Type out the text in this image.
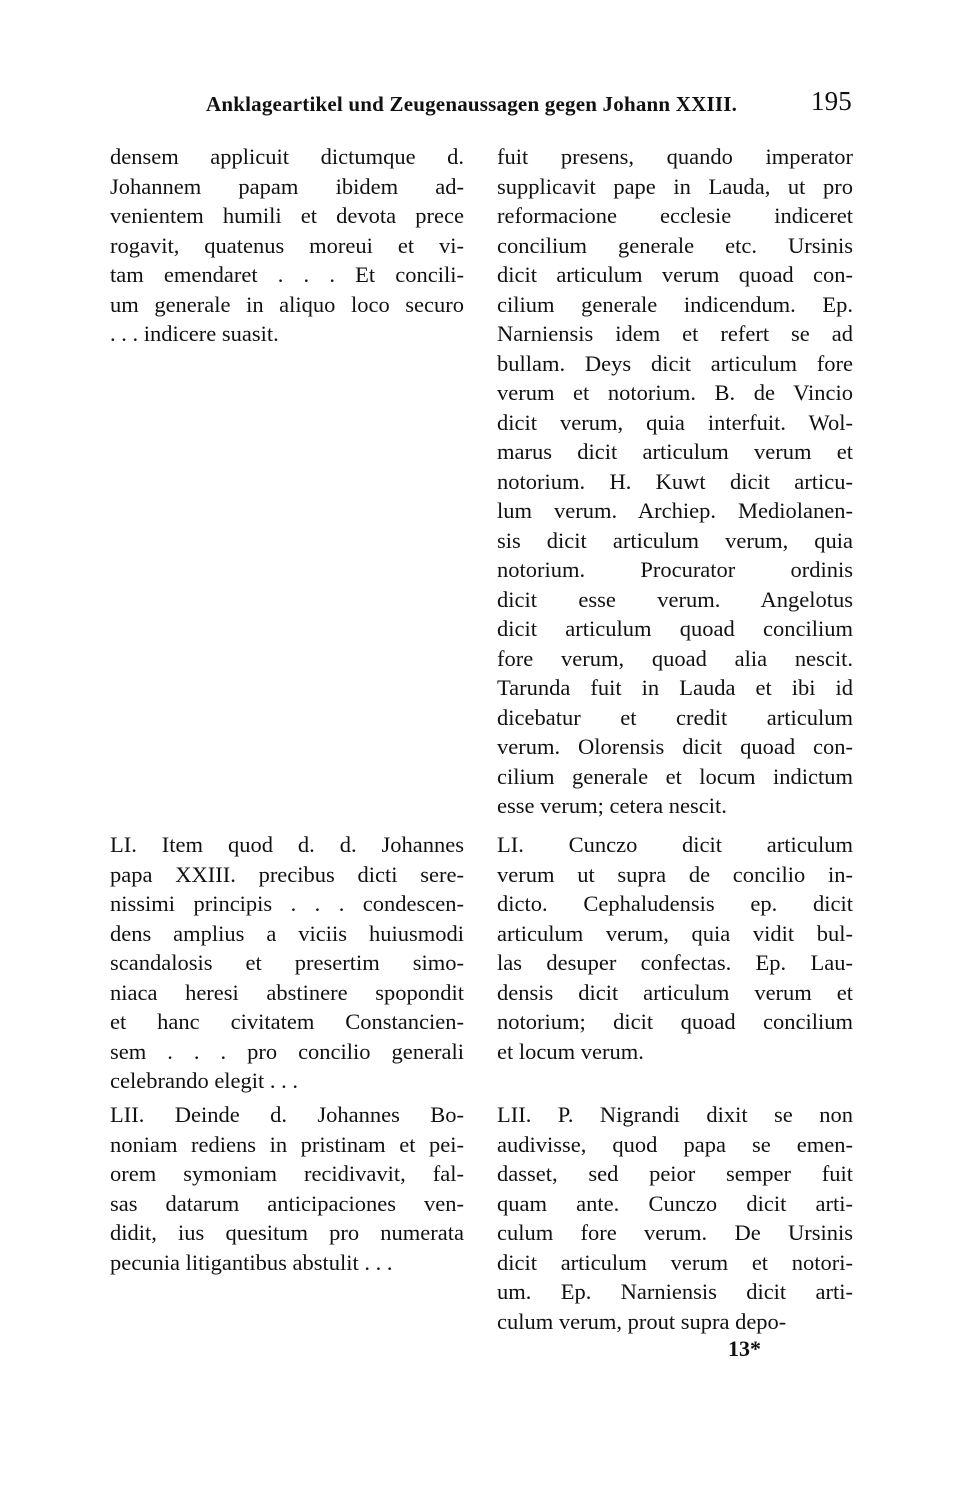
Anklageartikel und Zeugenaussagen gegen Johann XXIII.	195
densem applicuit dictumque d.
Johannem papam ibidem ad-
venientem humili et devota prece
rogavit, quatenus moreui et vi-
tam emendaret . . . Et concili-
um generale in aliquo loco securo
. . . indicere suasit.
LI. Item quod d. d. Johannes
papa XXIII. precibus dicti sere-
nissimi principis . . . condescen-
dens amplius a viciis huiusmodi
scandalosis et presertim simo-
niaca heresi abstinere spopondit
et hanc civitatem Constancien-
sem . . . pro concilio generali
celebrando elegit . . .
LII. Deinde d. Johannes Bo-
noniam rediens in pristinam et pei-
orem symoniam recidivavit, fal-
sas datarum anticipaciones ven-
didit, ius quesitum pro numerata
pecunia litigantibus abstulit . . .
fuit presens, quando imperator
supplicavit pape in Lauda, ut pro
reformacione ecclesie indiceret
concilium generale etc. Ursinis
dicit articulum verum quoad con-
cilium generale indicendum. Ep.
Narniensis idem et refert se ad
bullam. Deys dicit articulum fore
verum et notorium. B. de Vincio
dicit verum, quia interfuit. Wol-
marus dicit articulum verum et
notorium. H. Kuwt dicit articu-
lum verum. Archiep. Mediolanen-
sis dicit articulum verum, quia
notorium. Procurator ordinis
dicit esse verum. Angelotus
dicit articulum quoad concilium
fore verum, quoad alia nescit.
Tarunda fuit in Lauda et ibi id
dicebatur et credit articulum
verum. Olorensis dicit quoad con-
cilium generale et locum indictum
esse verum; cetera nescit.
LI. Cunczo dicit articulum
verum ut supra de concilio in-
dicto. Cephaludensis ep. dicit
articulum verum, quia vidit bul-
las desuper confectas. Ep. Lau-
densis dicit articulum verum et
notorium; dicit quoad concilium
et locum verum.
LII. P. Nigrandi dixit se non
audivisse, quod papa se emen-
dasset, sed peior semper fuit
quam ante. Cunczo dicit arti-
culum fore verum. De Ursinis
dicit articulum verum et notori-
um. Ep. Narniensis dicit arti-
culum verum, prout supra depo-
13*
